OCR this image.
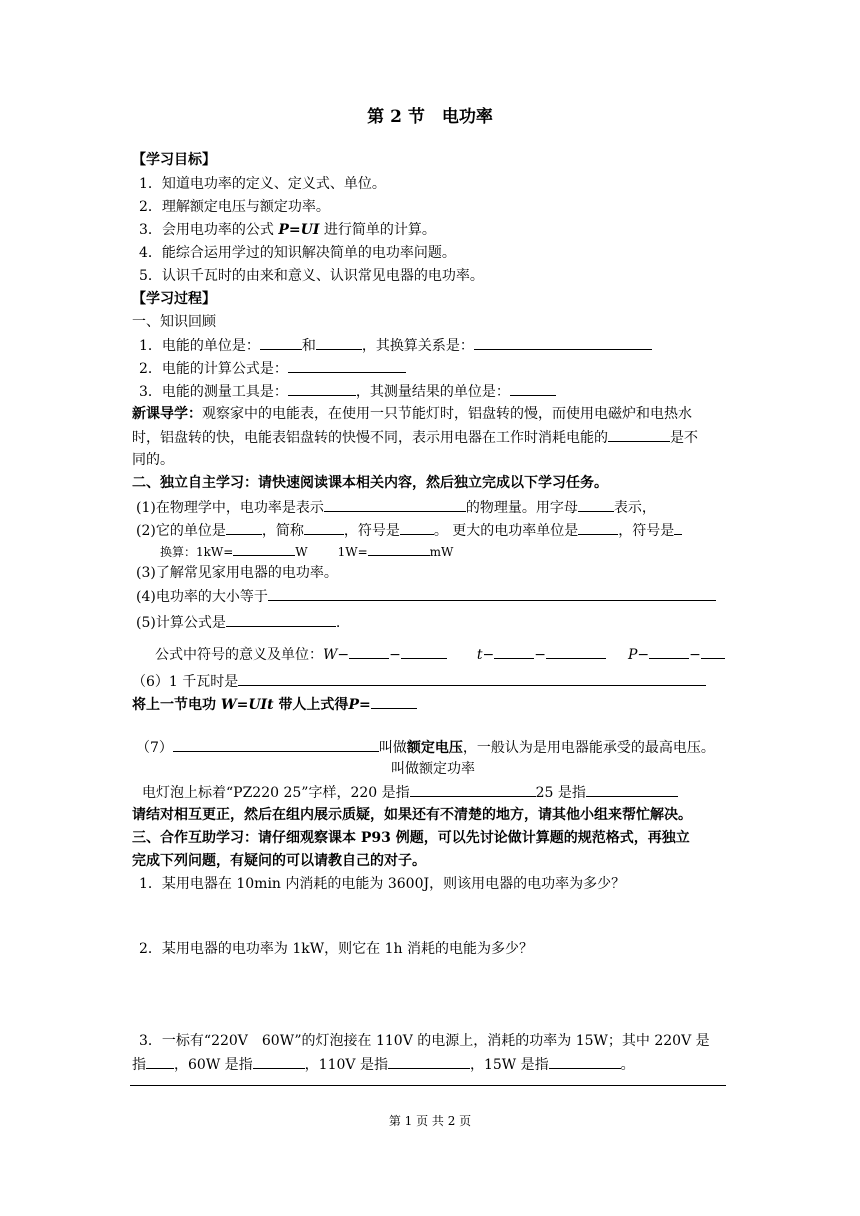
第 2 节　电功率
【学习目标】
1．知道电功率的定义、定义式、单位。
2．理解额定电压与额定功率。
3．会用电功率的公式 P=UI 进行简单的计算。
4．能综合运用学过的知识解决简单的电功率问题。
5．认识千瓦时的由来和意义、认识常见电器的电功率。
【学习过程】
一、知识回顾
1．电能的单位是：	和	，其换算关系是：
2．电能的计算公式是：
3．电能的测量工具是：	，其测量结果的单位是：
新课导学：观察家中的电能表，在使用一只节能灯时，铝盘转的慢，而使用电磁炉和电热水
时，铝盘转的快，电能表铝盘转的快慢不同，表示用电器在工作时消耗电能的	是不
同的。
二、独立自主学习：请快速阅读课本相关内容，然后独立完成以下学习任务。
(1)在物理学中，电功率是表示	的物理量。用字母	表示，
(2)它的单位是	，简称	，符号是 。 更大的电功率单位是	，符号是
换算：1kW=	W	1W=	mW
(3)了解常见家用电器的电功率。
(4)电功率的大小等于
(5)计算公式是	.
公式中符号的意义及单位：W−	−	t−	−	P−	−
（6）1 千瓦时是
将上一节电功 W=UIt 带人上式得P=
（7）	叫做额定电压，一般认为是用电器能承受的最高电压。
叫做额定功率
电灯泡上标着“PZ220 25”字样，220 是指	25 是指
请结对相互更正，然后在组内展示质疑，如果还有不清楚的地方，请其他小组来帮忙解决。
三、合作互助学习：请仔细观察课本 P93 例题，可以先讨论做计算题的规范格式，再独立
完成下列问题，有疑问的可以请教自己的对子。
1．某用电器在 10min 内消耗的电能为 3600J，则该用电器的电功率为多少？
2．某用电器的电功率为 1kW，则它在 1h 消耗的电能为多少？
3．一标有“220V　60W”的灯泡接在 110V 的电源上，消耗的功率为 15W；其中 220V 是
指 ，60W 是指	，110V 是指	，15W 是指	。
第 1 页 共 2 页
